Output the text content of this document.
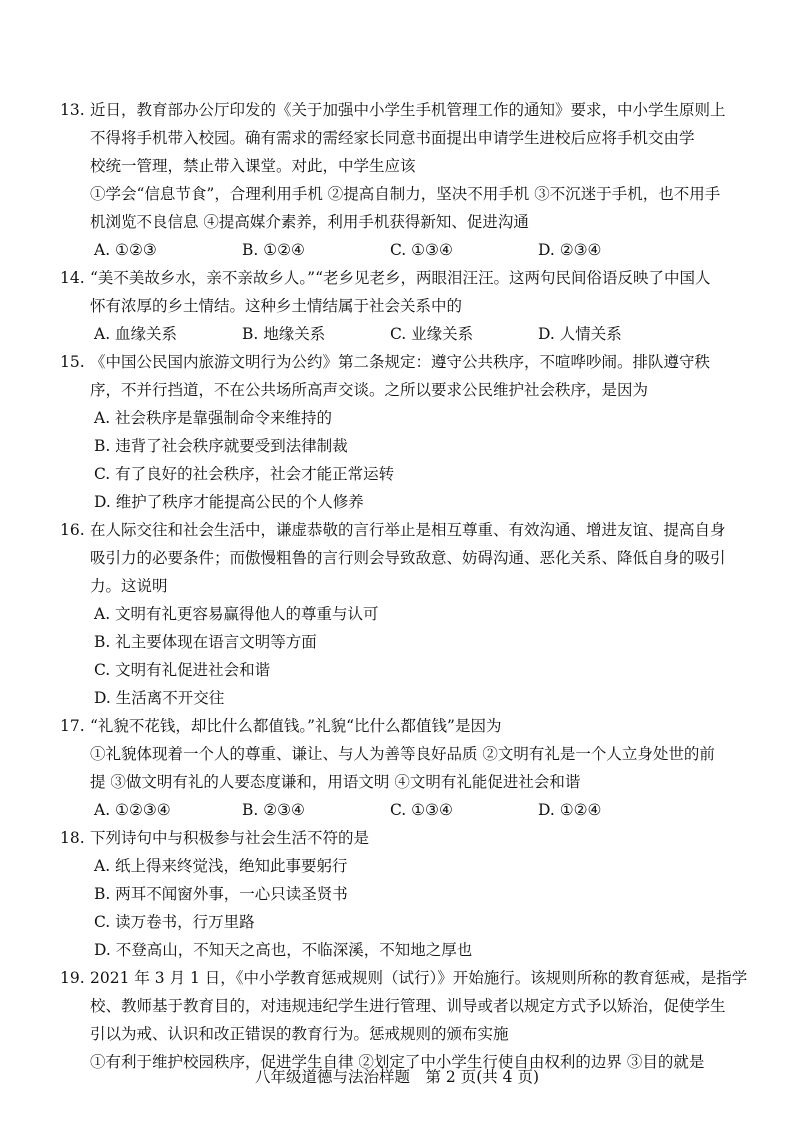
13. 近日，教育部办公厅印发的《关于加强中小学生手机管理工作的通知》要求，中小学生原则上

不得将手机带入校园。确有需求的需经家长同意书面提出申请学生进校后应将手机交由学

校统一管理，禁止带入课堂。对此，中学生应该

①学会“信息节食”，合理利用手机 ②提高自制力，坚决不用手机 ③不沉迷于手机，也不用手

机浏览不良信息 ④提高媒介素养，利用手机获得新知、促进沟通

A. ①②③	B. ①②④	C. ①③④	D. ②③④

14. “美不美故乡水，亲不亲故乡人。”“老乡见老乡，两眼泪汪汪。这两句民间俗语反映了中国人

怀有浓厚的乡土情结。这种乡土情结属于社会关系中的

A. 血缘关系	B. 地缘关系	C. 业缘关系	D. 人情关系

15. 《中国公民国内旅游文明行为公约》第二条规定：遵守公共秩序，不喧哗吵闹。排队遵守秩

序，不并行挡道，不在公共场所高声交谈。之所以要求公民维护社会秩序，是因为

A. 社会秩序是靠强制命令来维持的
B. 违背了社会秩序就要受到法律制裁
C. 有了良好的社会秩序，社会才能正常运转
D. 维护了秩序才能提高公民的个人修养

16. 在人际交往和社会生活中，谦虚恭敬的言行举止是相互尊重、有效沟通、增进友谊、提高自身

吸引力的必要条件；而傲慢粗鲁的言行则会导致敌意、妨碍沟通、恶化关系、降低自身的吸引

力。这说明

A. 文明有礼更容易赢得他人的尊重与认可
B. 礼主要体现在语言文明等方面
C. 文明有礼促进社会和谐
D. 生活离不开交往

17. “礼貌不花钱，却比什么都值钱。”礼貌“比什么都值钱”是因为

①礼貌体现着一个人的尊重、谦让、与人为善等良好品质 ②文明有礼是一个人立身处世的前

提 ③做文明有礼的人要态度谦和，用语文明 ④文明有礼能促进社会和谐

A. ①②③④	B. ②③④	C. ①③④	D. ①②④

18. 下列诗句中与积极参与社会生活不符的是

A. 纸上得来终觉浅，绝知此事要躬行
B. 两耳不闻窗外事，一心只读圣贤书
C. 读万卷书，行万里路
D. 不登高山，不知天之高也，不临深溪，不知地之厚也

19. 2021 年 3 月 1 日，《中小学教育惩戒规则（试行）》开始施行。该规则所称的教育惩戒，是指学

校、教师基于教育目的，对违规违纪学生进行管理、训导或者以规定方式予以矫治，促使学生

引以为戒、认识和改正错误的教育行为。惩戒规则的颁布实施

①有利于维护校园秩序，促进学生自律 ②划定了中小学生行使自由权利的边界 ③目的就是

八年级道德与法治样题　第 2 页(共 4 页)
